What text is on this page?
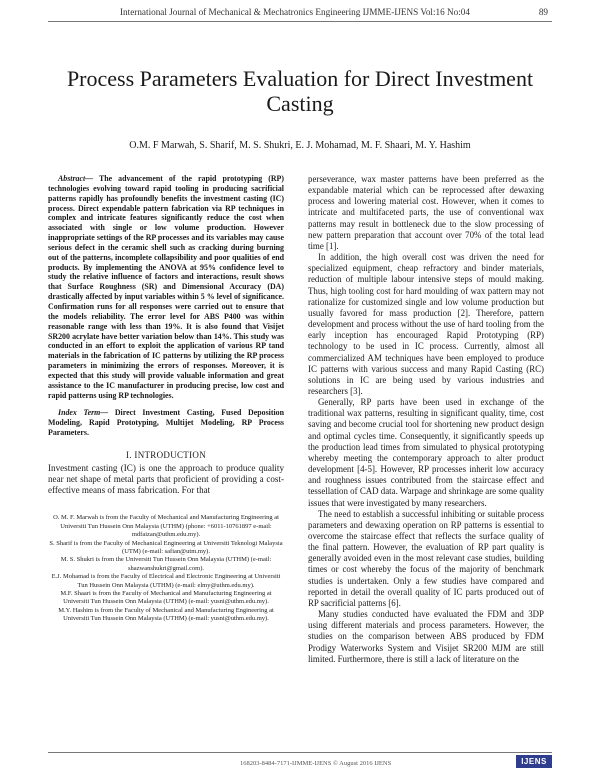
International Journal of Mechanical & Mechatronics Engineering IJMME-IJENS Vol:16 No:04	89
Process Parameters Evaluation for Direct Investment Casting
O.M. F Marwah, S. Sharif, M. S. Shukri, E. J. Mohamad, M. F. Shaari, M. Y. Hashim

Abstract— The advancement of the rapid prototyping (RP) technologies evolving toward rapid tooling in producing sacrificial patterns rapidly has profoundly benefits the investment casting (IC) process. Direct expendable pattern fabrication via RP techniques in complex and intricate features significantly reduce the cost when associated with single or low volume production. However inappropriate settings of the RP processes and its variables may cause serious defect in the ceramic shell such as cracking during burning out of the patterns, incomplete collapsibility and poor qualities of end products. By implementing the ANOVA at 95% confidence level to study the relative influence of factors and interactions, result shows that Surface Roughness (SR) and Dimensional Accuracy (DA) drastically affected by input variables within 5 % level of significance. Confirmation runs for all responses were carried out to ensure that the models reliability. The error level for ABS P400 was within reasonable range with less than 19%. It is also found that Visijet SR200 acrylate have better variation below than 14%. This study was conducted in an effort to exploit the application of various RP tand materials in the fabrication of IC patterns by utilizing the RP process parameters in minimizing the errors of responses. Moreover, it is expected that this study will provide valuable information and great assistance to the IC manufacturer in producing precise, low cost and rapid patterns using RP technologies.

Index Term— Direct Investment Casting, Fused Deposition Modeling, Rapid Prototyping, Multijet Modeling, RP Process Parameters.

I. INTRODUCTION

Investment casting (IC) is one the approach to produce quality near net shape of metal parts that proficient of providing a cost-effective means of mass fabrication. For that

O. M. F. Marwah is from the Faculty of Mechanical and Manufacturing Engineering at Universiti Tun Hussein Onn Malaysia (UTHM) (phone: +6011-10761897 e-mail: mdfaizan@uthm.edu.my).
S. Sharif is from the Faculty of Mechanical Engineering at Universiti Teknologi Malaysia (UTM) (e-mail: safian@utm.my).
M. S. Shukri is from the Universiti Tun Hussein Onn Malaysia (UTHM) (e-mail: shazwanshukri@gmail.com).
E.J. Mohamad is from the Faculty of Electrical and Electronic Engineering at Universiti Tun Hussein Onn Malaysia (UTHM) (e-mail: elmy@uthm.edu.my).
M.F. Shaari is from the Faculty of Mechanical and Manufacturing Engineering at Universiti Tun Hussein Onn Malaysia (UTHM) (e-mail: yusni@uthm.edu.my).
M.Y. Hashim is from the Faculty of Mechanical and Manufacturing Engineering at Universiti Tun Hussein Onn Malaysia (UTHM) (e-mail: yusni@uthm.edu.my).

perseverance, wax master patterns have been preferred as the expandable material which can be reprocessed after dewaxing process and lowering material cost. However, when it comes to intricate and multifaceted parts, the use of conventional wax patterns may result in bottleneck due to the slow processing of new pattern preparation that account over 70% of the total lead time [1].

In addition, the high overall cost was driven the need for specialized equipment, cheap refractory and binder materials, reduction of multiple labour intensive steps of mould making. Thus, high tooling cost for hard moulding of wax pattern may not rationalize for customized single and low volume production but usually favored for mass production [2]. Therefore, pattern development and process without the use of hard tooling from the early inception has encouraged Rapid Prototyping (RP) technology to be used in IC process. Currently, almost all commercialized AM techniques have been employed to produce IC patterns with various success and many Rapid Casting (RC) solutions in IC are being used by various industries and researchers [3].

Generally, RP parts have been used in exchange of the traditional wax patterns, resulting in significant quality, time, cost saving and become crucial tool for shortening new product design and optimal cycles time. Consequently, it significantly speeds up the production lead times from simulated to physical prototyping whereby meeting the contemporary approach to alter product development [4-5]. However, RP processes inherit low accuracy and roughness issues contributed from the staircase effect and tessellation of CAD data. Warpage and shrinkage are some quality issues that were investigated by many researchers.

The need to establish a successful inhibiting or suitable process parameters and dewaxing operation on RP patterns is essential to overcome the staircase effect that reflects the surface quality of the final pattern. However, the evaluation of RP part quality is generally avoided even in the most relevant case studies, building times or cost whereby the focus of the majority of benchmark studies is undertaken. Only a few studies have compared and reported in detail the overall quality of IC parts produced out of RP sacrificial patterns [6].

Many studies conducted have evaluated the FDM and 3DP using different materials and process parameters. However, the studies on the comparison between ABS produced by FDM Prodigy Waterworks System and Visijet SR200 MJM are still limited. Furthermore, there is still a lack of literature on the

168203-8484-7171-IJMME-IJENS © August 2016 IJENS	IJENS
